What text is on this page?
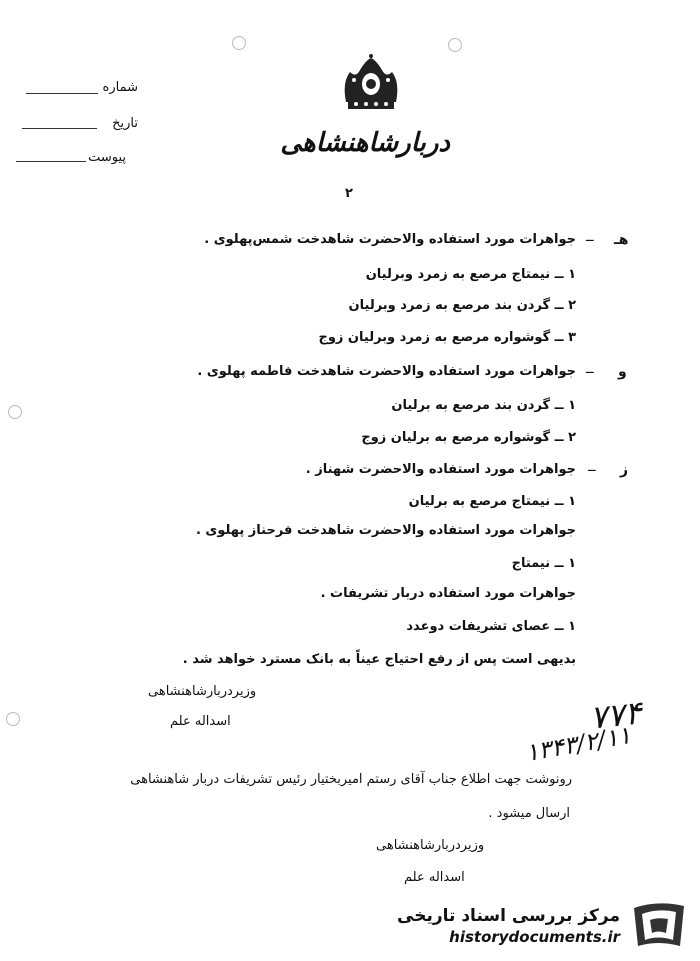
شماره
تاریخ
پیوست	دربارشاهنشاهی
۲
هـ
ــ
جواهرات مورد استفاده والاحضرت شاهدخت شمس‌پهلوی .
۱ ــ نیمتاج مرصع به زمرد وبرلیان
۲ ــ گردن بند مرصع به زمرد وبرلیان
۳ ــ گوشواره مرصع به زمرد وبرلیان زوج
و
ــ
جواهرات مورد استفاده والاحضرت شاهدخت فاطمه پهلوی .
۱ ــ گردن بند مرصع به برلیان
۲ ــ گوشواره مرصع به برلیان زوج
ز
ــ
جواهرات مورد استفاده والاحضرت شهناز .
۱ ــ نیمتاج مرصع به برلیان
جواهرات مورد استفاده والاحضرت شاهدخت فرحناز پهلوی .
۱ ــ نیمتاج
جواهرات مورد استفاده دربار تشریفات .
۱ ــ عصای تشریفات دوعدد
بدیهی است پس از رفع احتیاج عیناً به بانک مسترد خواهد شد .
وزیردربارشاهنشاهی
اسداله علم	۷۷۴
۱۳۴۳/۲/۱۱
رونوشت جهت اطلاع جناب آقای رستم امیربختیار رئیس تشریفات دربار شاهنشاهی
ارسال میشود .
وزیردربارشاهنشاهی
اسداله علم
مرکز بررسی اسناد تاریخی
historydocuments.ir
